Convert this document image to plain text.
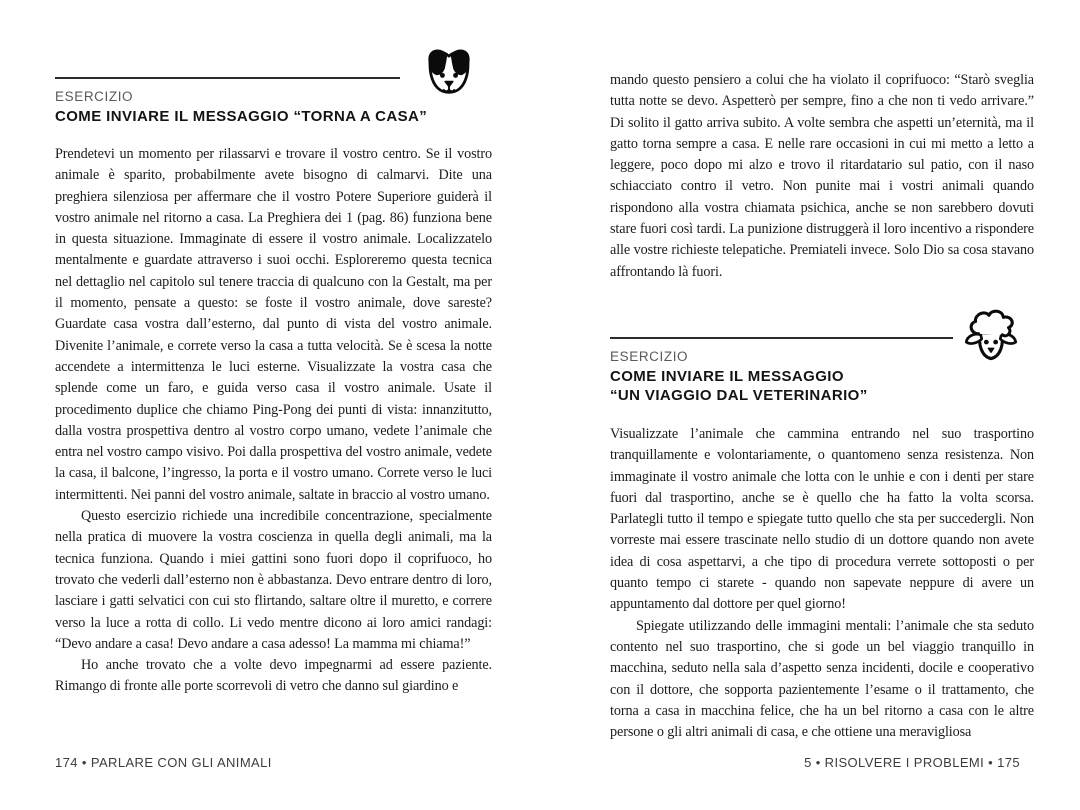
ESERCIZIO
COME INVIARE IL MESSAGGIO “TORNA A CASA”

Prendetevi un momento per rilassarvi e trovare il vostro centro. Se il vostro animale è sparito, probabilmente avete bisogno di calmarvi. Dite una preghiera silenziosa per affermare che il vostro Potere Superiore guiderà il vostro animale nel ritorno a casa. La Preghiera dei 1 (pag. 86) funziona bene in questa situazione. Immaginate di essere il vostro animale. Localizzatelo mentalmente e guardate attraverso i suoi occhi. Esploreremo questa tecnica nel dettaglio nel capitolo sul tenere traccia di qualcuno con la Gestalt, ma per il momento, pensate a questo: se foste il vostro animale, dove sareste? Guardate casa vostra dall’esterno, dal punto di vista del vostro animale. Divenite l’animale, e correte verso la casa a tutta velocità. Se è scesa la notte accendete a intermittenza le luci esterne. Visualizzate la vostra casa che splende come un faro, e guida verso casa il vostro animale. Usate il procedimento duplice che chiamo Ping-Pong dei punti di vista: innanzitutto, dalla vostra prospettiva dentro al vostro corpo umano, vedete l’animale che entra nel vostro campo visivo. Poi dalla prospettiva del vostro animale, vedete la casa, il balcone, l’ingresso, la porta e il vostro umano. Correte verso le luci intermittenti. Nei panni del vostro animale, saltate in braccio al vostro umano.

Questo esercizio richiede una incredibile concentrazione, specialmente nella pratica di muovere la vostra coscienza in quella degli animali, ma la tecnica funziona. Quando i miei gattini sono fuori dopo il coprifuoco, ho trovato che vederli dall’esterno non è abbastanza. Devo entrare dentro di loro, lasciare i gatti selvatici con cui sto flirtando, saltare oltre il muretto, e correre verso la luce a rotta di collo. Li vedo mentre dicono ai loro amici randagi: “Devo andare a casa! Devo andare a casa adesso! La mamma mi chiama!”

Ho anche trovato che a volte devo impegnarmi ad essere paziente. Rimango di fronte alle porte scorrevoli di vetro che danno sul giardino e

174 • PARLARE CON GLI ANIMALI

mando questo pensiero a colui che ha violato il coprifuoco: “Starò sveglia tutta notte se devo. Aspetterò per sempre, fino a che non ti vedo arrivare.” Di solito il gatto arriva subito. A volte sembra che aspetti un’eternità, ma il gatto torna sempre a casa. E nelle rare occasioni in cui mi metto a letto a leggere, poco dopo mi alzo e trovo il ritardatario sul patio, con il naso schiacciato contro il vetro. Non punite mai i vostri animali quando rispondono alla vostra chiamata psichica, anche se non sarebbero dovuti stare fuori così tardi. La punizione distruggerà il loro incentivo a rispondere alle vostre richieste telepatiche. Premiateli invece. Solo Dio sa cosa stavano affrontando là fuori.

ESERCIZIO
COME INVIARE IL MESSAGGIO
“UN VIAGGIO DAL VETERINARIO”

Visualizzate l’animale che cammina entrando nel suo trasportino tranquillamente e volontariamente, o quantomeno senza resistenza. Non immaginate il vostro animale che lotta con le unhie e con i denti per stare fuori dal trasportino, anche se è quello che ha fatto la volta scorsa. Parlategli tutto il tempo e spiegate tutto quello che sta per succedergli. Non vorreste mai essere trascinate nello studio di un dottore quando non avete idea di cosa aspettarvi, a che tipo di procedura verrete sottoposti o per quanto tempo ci starete - quando non sapevate neppure di avere un appuntamento dal dottore per quel giorno!

Spiegate utilizzando delle immagini mentali: l’animale che sta seduto contento nel suo trasportino, che si gode un bel viaggio tranquillo in macchina, seduto nella sala d’aspetto senza incidenti, docile e cooperativo con il dottore, che sopporta pazientemente l’esame o il trattamento, che torna a casa in macchina felice, che ha un bel ritorno a casa con le altre persone o gli altri animali di casa, e che ottiene una meravigliosa

5 • RISOLVERE I PROBLEMI • 175
